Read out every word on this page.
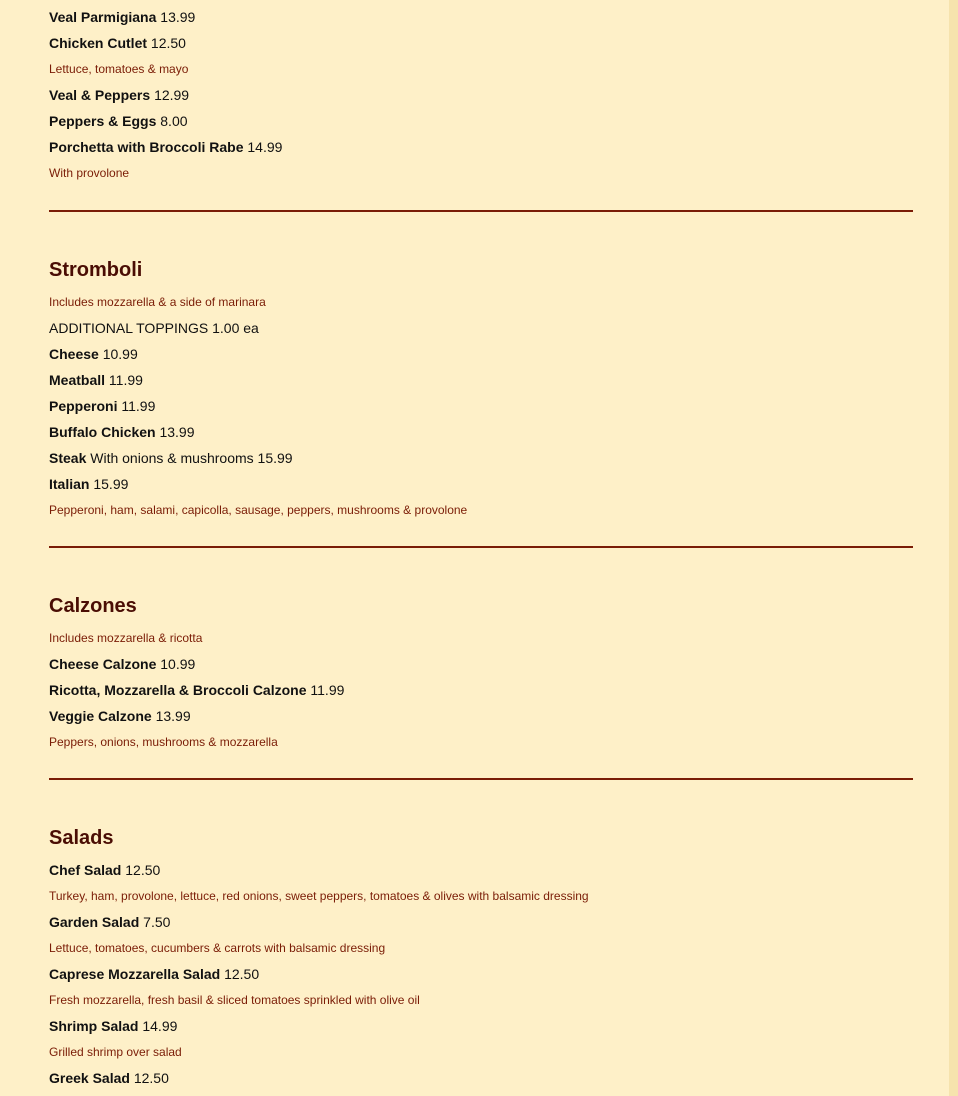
Veal Parmigiana 13.99
Chicken Cutlet 12.50
Lettuce, tomatoes & mayo
Veal & Peppers 12.99
Peppers & Eggs 8.00
Porchetta with Broccoli Rabe 14.99
With provolone
Stromboli
Includes mozzarella & a side of marinara
ADDITIONAL TOPPINGS 1.00 ea
Cheese 10.99
Meatball 11.99
Pepperoni 11.99
Buffalo Chicken 13.99
Steak With onions & mushrooms 15.99
Italian 15.99
Pepperoni, ham, salami, capicolla, sausage, peppers, mushrooms & provolone
Calzones
Includes mozzarella & ricotta
Cheese Calzone 10.99
Ricotta, Mozzarella & Broccoli Calzone 11.99
Veggie Calzone 13.99
Peppers, onions, mushrooms & mozzarella
Salads
Chef Salad 12.50
Turkey, ham, provolone, lettuce, red onions, sweet peppers, tomatoes & olives with balsamic dressing
Garden Salad 7.50
Lettuce, tomatoes, cucumbers & carrots with balsamic dressing
Caprese Mozzarella Salad 12.50
Fresh mozzarella, fresh basil & sliced tomatoes sprinkled with olive oil
Shrimp Salad 14.99
Grilled shrimp over salad
Greek Salad 12.50
